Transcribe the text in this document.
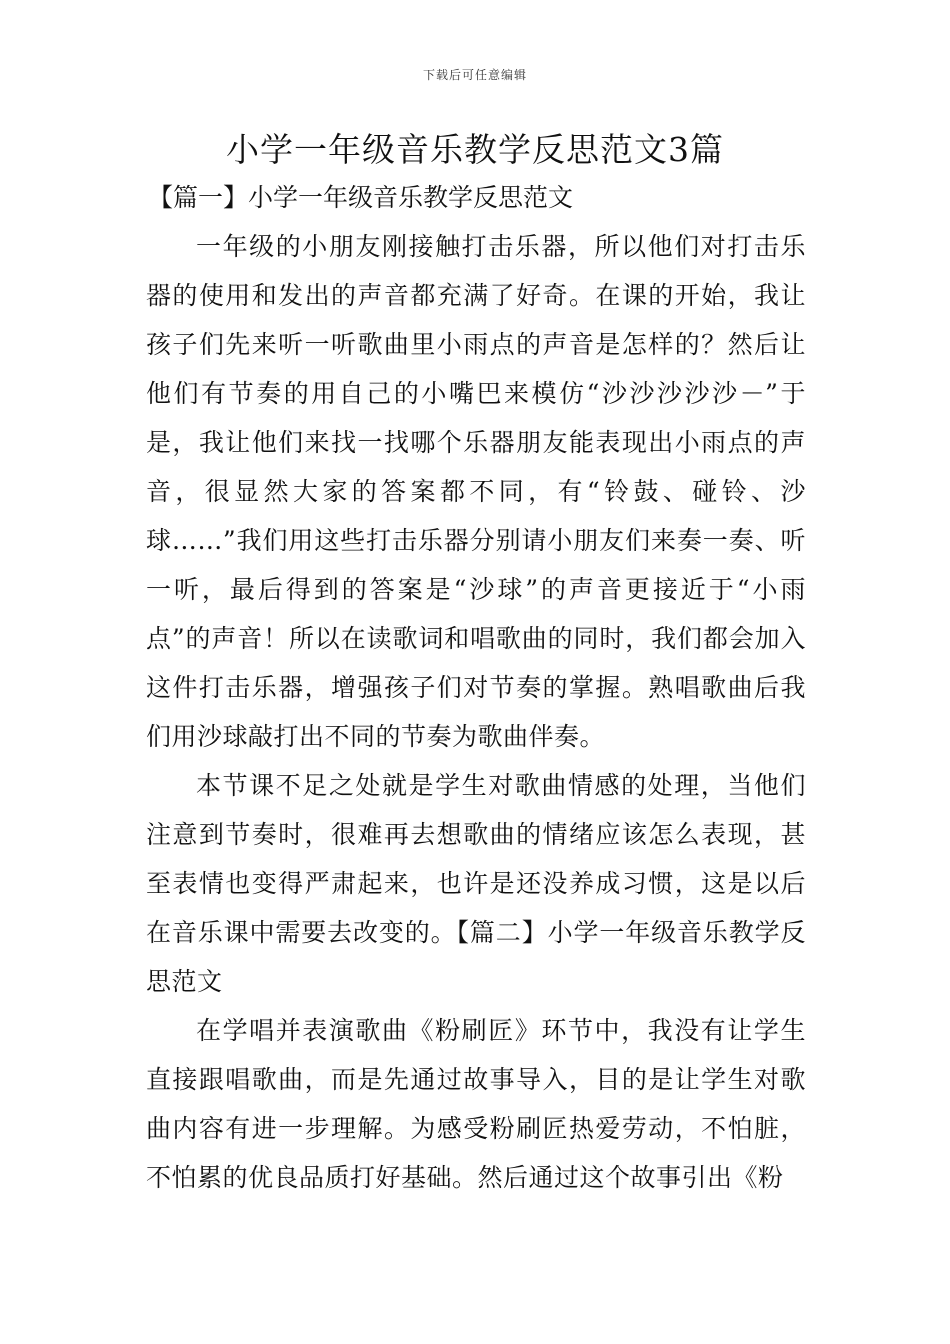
下载后可任意编辑
小学一年级音乐教学反思范文3篇
【篇一】小学一年级音乐教学反思范文

一年级的小朋友刚接触打击乐器，所以他们对打击乐器的使用和发出的声音都充满了好奇。在课的开始，我让孩子们先来听一听歌曲里小雨点的声音是怎样的？然后让他们有节奏的用自己的小嘴巴来模仿“沙沙沙沙沙－”于是，我让他们来找一找哪个乐器朋友能表现出小雨点的声音，很显然大家的答案都不同，有“铃鼓、碰铃、沙球……”我们用这些打击乐器分别请小朋友们来奏一奏、听一听，最后得到的答案是“沙球”的声音更接近于“小雨点”的声音！所以在读歌词和唱歌曲的同时，我们都会加入这件打击乐器，增强孩子们对节奏的掌握。熟唱歌曲后我们用沙球敲打出不同的节奏为歌曲伴奏。

本节课不足之处就是学生对歌曲情感的处理，当他们注意到节奏时，很难再去想歌曲的情绪应该怎么表现，甚至表情也变得严肃起来，也许是还没养成习惯，这是以后在音乐课中需要去改变的。【篇二】小学一年级音乐教学反思范文

在学唱并表演歌曲《粉刷匠》环节中，我没有让学生直接跟唱歌曲，而是先通过故事导入，目的是让学生对歌曲内容有进一步理解。为感受粉刷匠热爱劳动，不怕脏，不怕累的优良品质打好基础。然后通过这个故事引出《粉
